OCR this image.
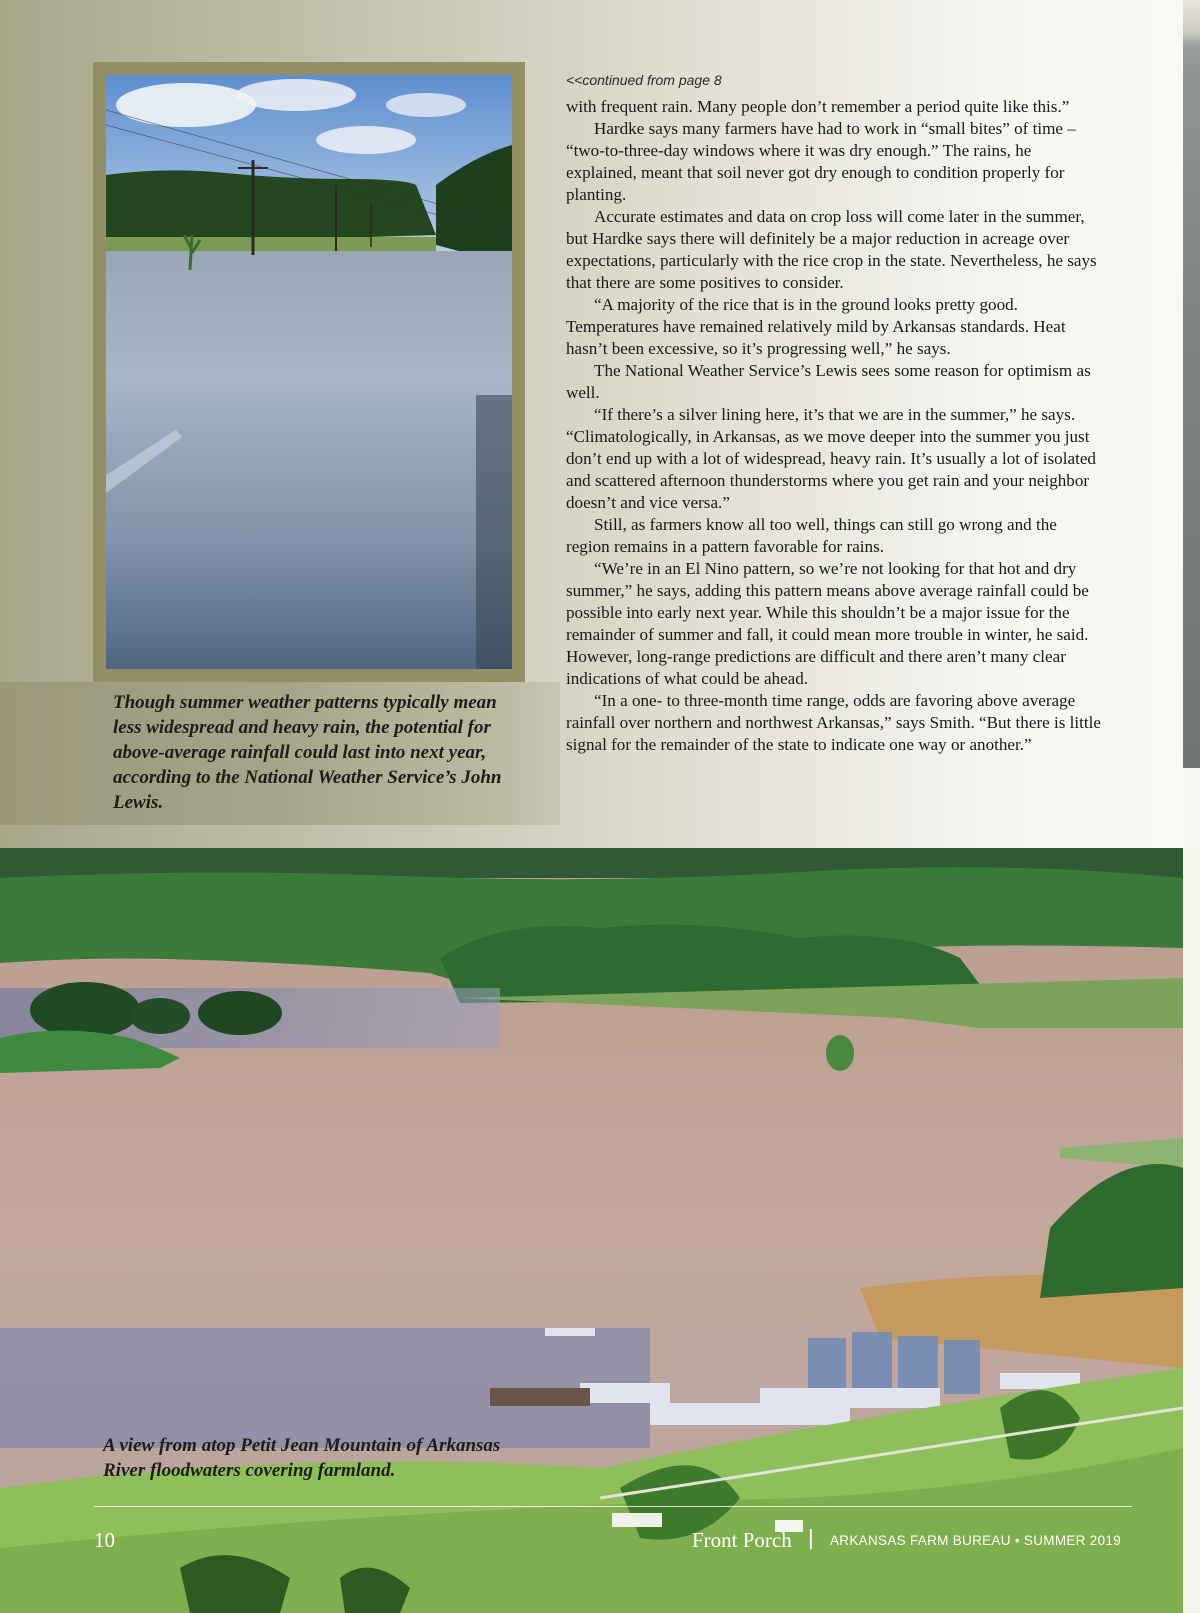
Though summer weather patterns typically mean less widespread and heavy rain, the potential for above-average rainfall could last into next year, according to the National Weather Service’s John Lewis.
<<continued from page 8

with frequent rain. Many people don’t remember a period quite like this.”

Hardke says many farmers have had to work in “small bites” of time – “two-to-three-day windows where it was dry enough.” The rains, he explained, meant that soil never got dry enough to condition properly for planting.

Accurate estimates and data on crop loss will come later in the summer, but Hardke says there will definitely be a major reduction in acreage over expectations, particularly with the rice crop in the state. Nevertheless, he says that there are some positives to consider.

“A majority of the rice that is in the ground looks pretty good. Temperatures have remained relatively mild by Arkansas standards. Heat hasn’t been excessive, so it’s progressing well,” he says.

The National Weather Service’s Lewis sees some reason for optimism as well.

“If there’s a silver lining here, it’s that we are in the summer,” he says. “Climatologically, in Arkansas, as we move deeper into the summer you just don’t end up with a lot of widespread, heavy rain. It’s usually a lot of isolated and scattered afternoon thunderstorms where you get rain and your neighbor doesn’t and vice versa.”

Still, as farmers know all too well, things can still go wrong and the region remains in a pattern favorable for rains.

“We’re in an El Nino pattern, so we’re not looking for that hot and dry summer,” he says, adding this pattern means above average rainfall could be possible into early next year. While this shouldn’t be a major issue for the remainder of summer and fall, it could mean more trouble in winter, he said. However, long-range predictions are difficult and there aren’t many clear indications of what could be ahead.

“In a one- to three-month time range, odds are favoring above average rainfall over northern and northwest Arkansas,” says Smith. “But there is little signal for the remainder of the state to indicate one way or another.”

A view from atop Petit Jean Mountain of Arkansas River floodwaters covering farmland.
10	Front Porch | ARKANSAS FARM BUREAU • SUMMER 2019
